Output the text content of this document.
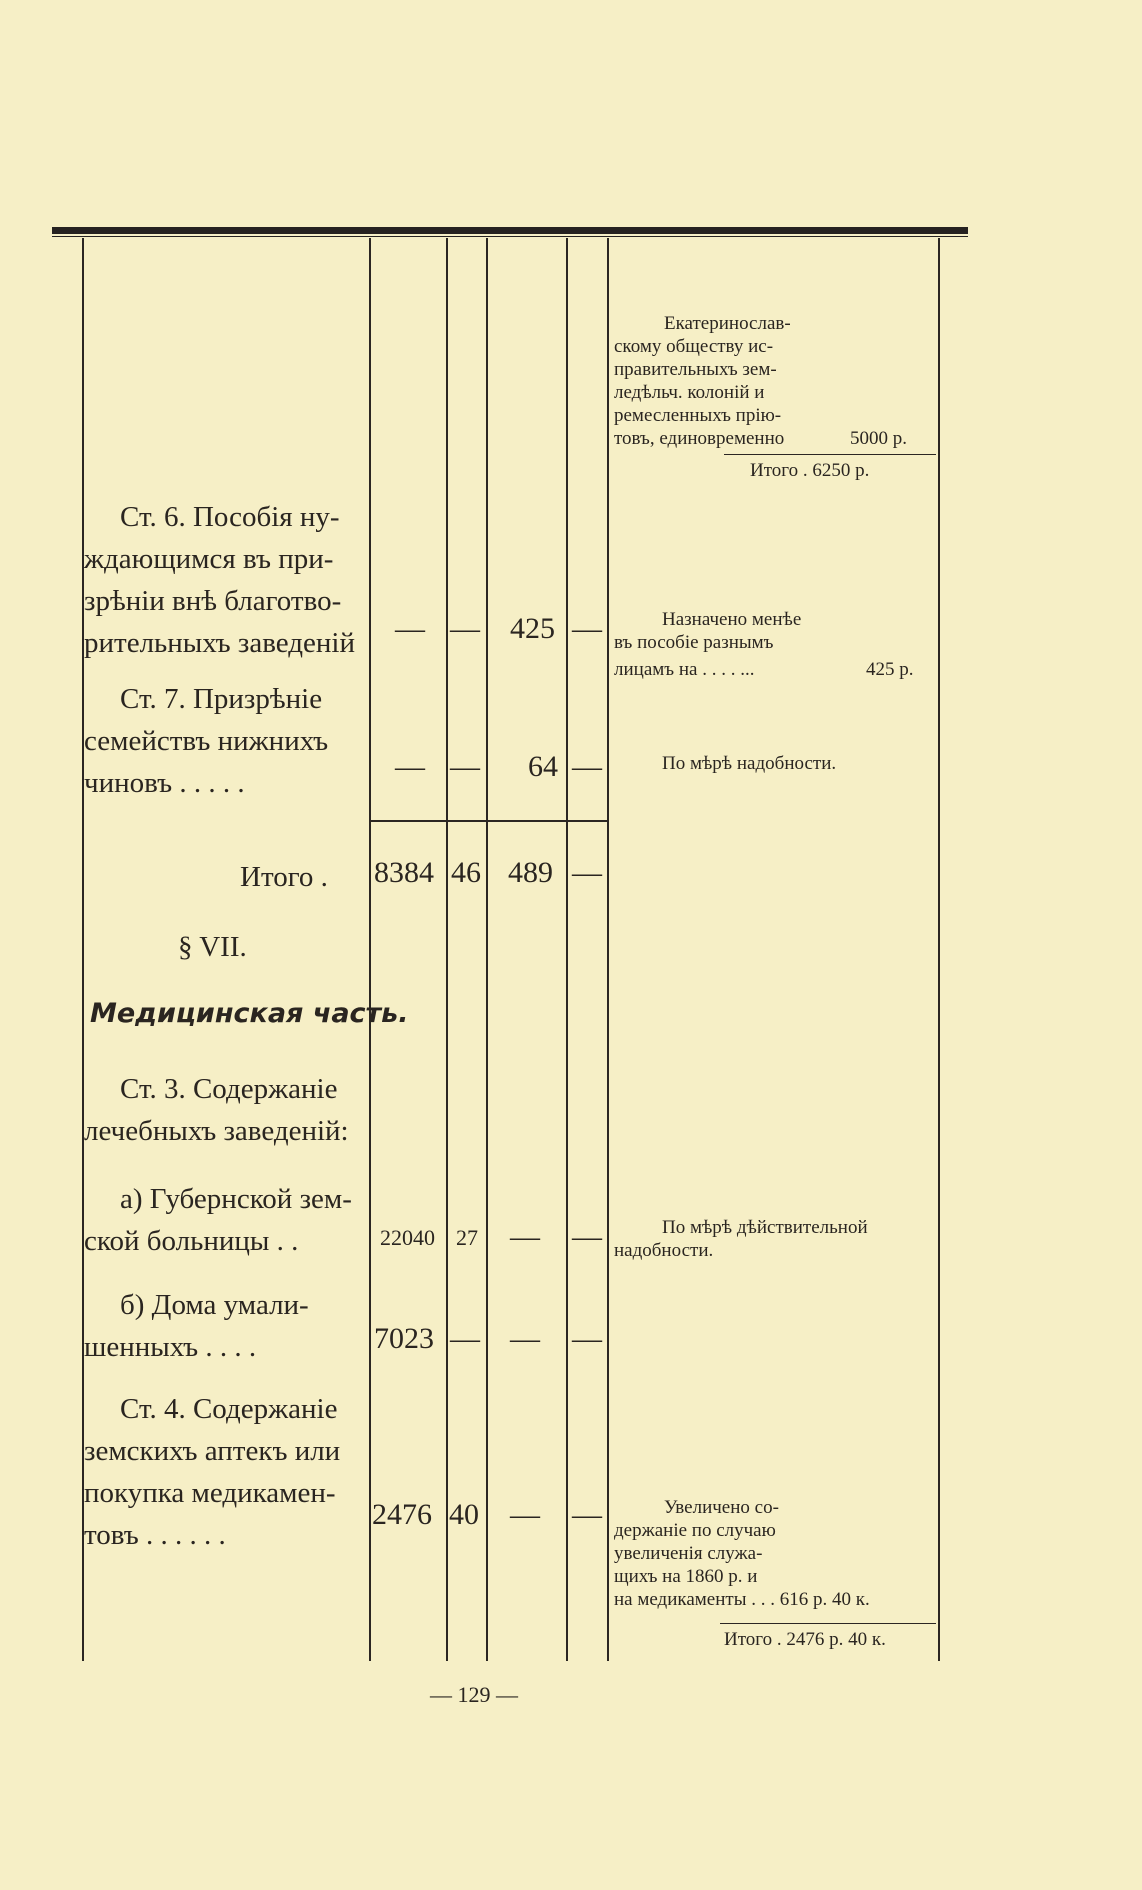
Ст. 6. Пособія ну-
ждающимся въ при-
зрѣніи внѣ благотво-
рительныхъ заведеній	— — 425 —
Ст. 7. Призрѣніе
семействъ нижнихъ
чиновъ . . . . .	— — 64 —
Итого . 8384 46 489 —
§ VII.
Медицинская часть.
Ст. 3. Содержаніе
лечебныхъ заведеній:
а) Губернской зем-
ской больницы . .	22040 27 — —
б) Дома умали-
шенныхъ . . . .	7023 — — —
Ст. 4. Содержаніе
земскихъ аптекъ или
покупка медикамен-
товъ . . . . . .
2476 40 — —
Екатеринослав-
скому обществу ис-
правительныхъ зем-
ледѣльч. колоній и
ремесленныхъ прію-
товъ, единовременно	5000 р.
Итого . 6250 р.
Назначено менѣе
въ пособіе разнымъ
лицамъ на . . . . ...	425 р.
По мѣрѣ надобности.
По мѣрѣ дѣйствительной
надобности.
Увеличено со-
держаніе по случаю
увеличенія служа-
щихъ на 1860 р. и
на медикаменты . . . 616 р. 40 к.
Итого . 2476 р. 40 к.
— 129 —
